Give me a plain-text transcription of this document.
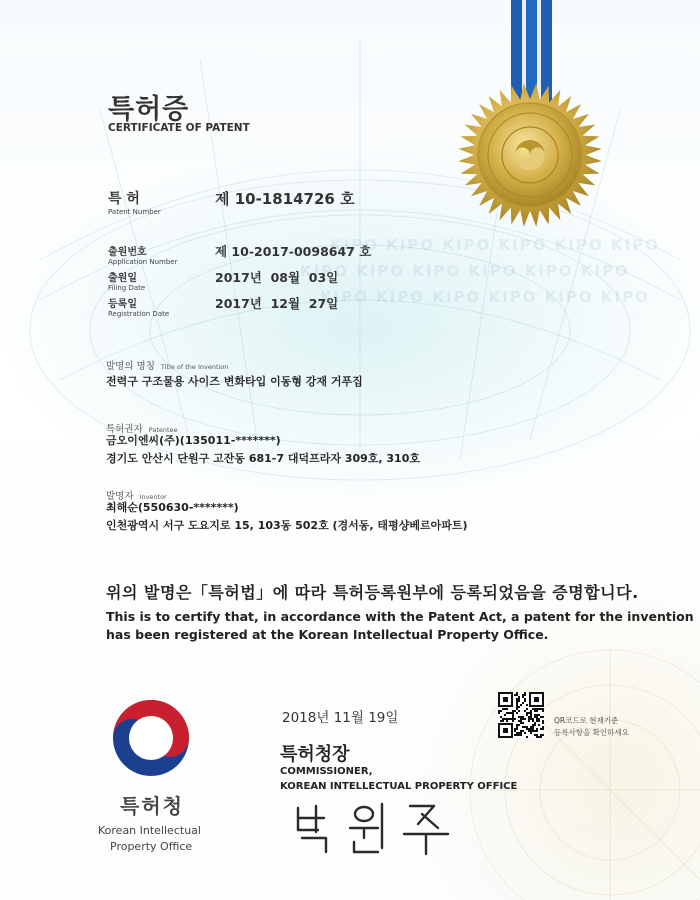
KIPO KIPO KIPO KIPO KIPO KIPO
KIPO KIPO KIPO KIPO KIPO KIPO
KIPO KIPO KIPO KIPO KIPO KIPO
특허증
CERTIFICATE OF PATENT
특 허
Patent Number
제 10-1814726 호
출원번호
Application Number
제 10-2017-0098647 호
출원일
Filing Date
2017년  08월  03일
등록일
Registration Date
2017년  12월  27일
발명의 명칭 Title of the Invention
전력구 구조물용 사이즈 변화타입 이동형 강재 거푸집
특허권자 Patentee
금오이엔씨(주)(135011-*******)
경기도 안산시 단원구 고잔동 681-7 대덕프라자 309호, 310호
발명자 Inventor
최해순(550630-*******)
인천광역시 서구 도요지로 15, 103동 502호 (경서동, 태평샹베르아파트)
위의 발명은「특허법」에 따라 특허등록원부에 등록되었음을 증명합니다.
This is to certify that, in accordance with the Patent Act, a patent for the invention
has been registered at the Korean Intellectual Property Office.
2018년 11월 19일	QR코드로 현재기준
등록사항을 확인하세요
특허청장
COMMISSIONER,
KOREAN INTELLECTUAL PROPERTY OFFICE
특허청
Korean Intellectual
Property Office
